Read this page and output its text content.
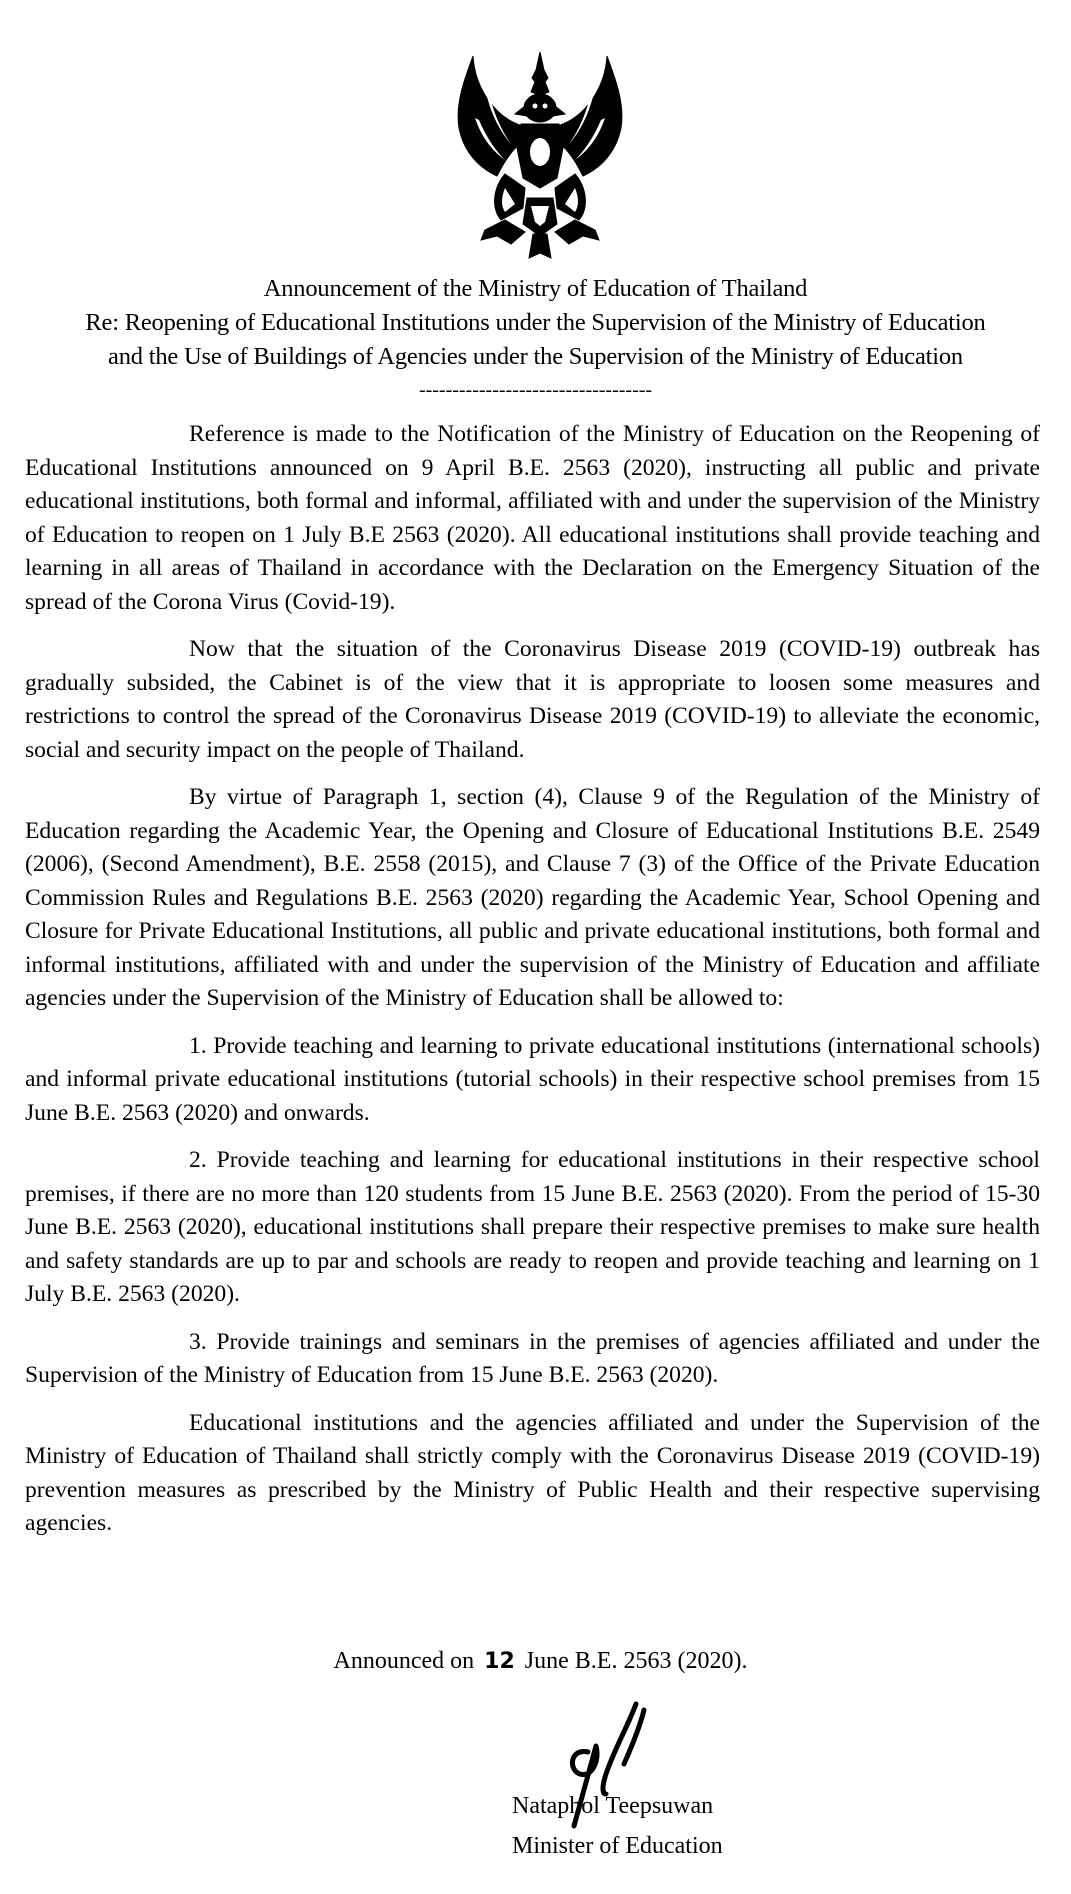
Announcement of the Ministry of Education of Thailand
Re: Reopening of Educational Institutions under the Supervision of the Ministry of Education
and the Use of Buildings of Agencies under the Supervision of the Ministry of Education
-----------------------------------

Reference is made to the Notification of the Ministry of Education on the Reopening of Educational Institutions announced on 9 April B.E. 2563 (2020), instructing all public and private educational institutions, both formal and informal, affiliated with and under the supervision of the Ministry of Education to reopen on 1 July B.E 2563 (2020). All educational institutions shall provide teaching and learning in all areas of Thailand in accordance with the Declaration on the Emergency Situation of the spread of the Corona Virus (Covid-19).

Now that the situation of the Coronavirus Disease 2019 (COVID-19) outbreak has gradually subsided, the Cabinet is of the view that it is appropriate to loosen some measures and restrictions to control the spread of the Coronavirus Disease 2019 (COVID-19) to alleviate the economic, social and security impact on the people of Thailand.

By virtue of Paragraph 1, section (4), Clause 9 of the Regulation of the Ministry of Education regarding the Academic Year, the Opening and Closure of Educational Institutions B.E. 2549 (2006), (Second Amendment), B.E. 2558 (2015), and Clause 7 (3) of the Office of the Private Education Commission Rules and Regulations B.E. 2563 (2020) regarding the Academic Year, School Opening and Closure for Private Educational Institutions, all public and private educational institutions, both formal and informal institutions, affiliated with and under the supervision of the Ministry of Education and affiliate agencies under the Supervision of the Ministry of Education shall be allowed to:

1. Provide teaching and learning to private educational institutions (international schools) and informal private educational institutions (tutorial schools) in their respective school premises from 15 June B.E. 2563 (2020) and onwards.

2. Provide teaching and learning for educational institutions in their respective school premises, if there are no more than 120 students from 15 June B.E. 2563 (2020). From the period of 15-30 June B.E. 2563 (2020), educational institutions shall prepare their respective premises to make sure health and safety standards are up to par and schools are ready to reopen and provide teaching and learning on 1 July B.E. 2563 (2020).

3. Provide trainings and seminars in the premises of agencies affiliated and under the Supervision of the Ministry of Education from 15 June B.E. 2563 (2020).

Educational institutions and the agencies affiliated and under the Supervision of the Ministry of Education of Thailand shall strictly comply with the Coronavirus Disease 2019 (COVID-19) prevention measures as prescribed by the Ministry of Public Health and their respective supervising agencies.

Announced on 12 June B.E. 2563 (2020).
Nataphol Teepsuwan
Minister of Education
